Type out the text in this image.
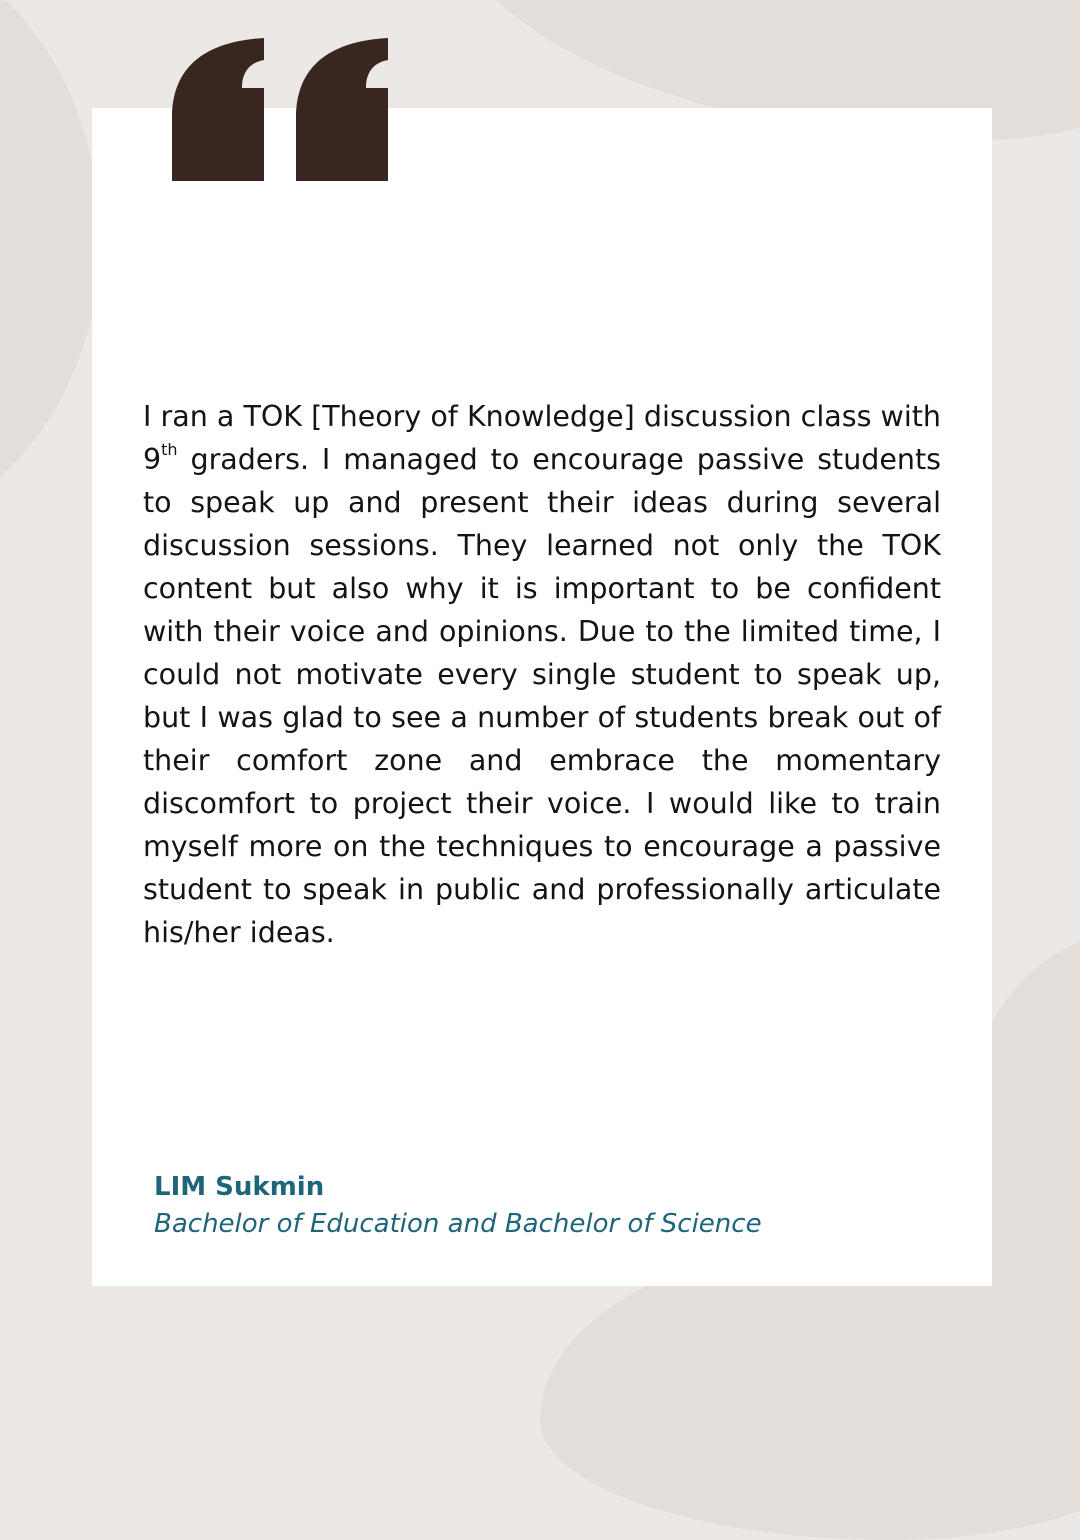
I ran a TOK [Theory of Knowledge] discussion class with 9th graders. I managed to encourage passive students to speak up and present their ideas during several discussion sessions. They learned not only the TOK content but also why it is important to be confident with their voice and opinions. Due to the limited time, I could not motivate every single student to speak up, but I was glad to see a number of students break out of their comfort zone and embrace the momentary discomfort to project their voice. I would like to train myself more on the techniques to encourage a passive student to speak in public and professionally articulate his/her ideas.

LIM Sukmin

Bachelor of Education and Bachelor of Science
